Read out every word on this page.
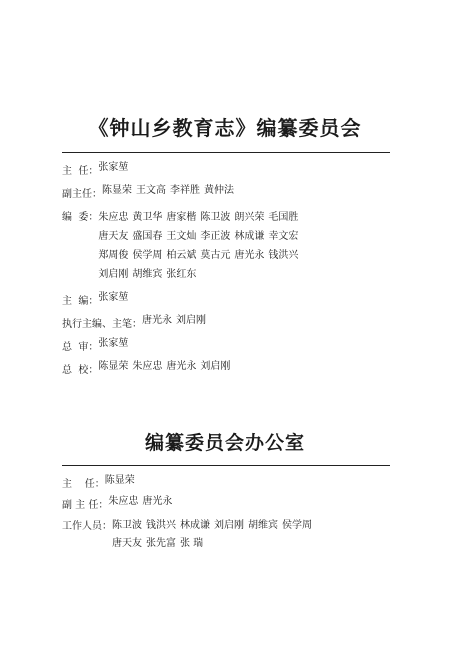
《钟山乡教育志》编纂委员会
主  任： 张家堃
副主任： 陈显荣 王文高 李祥胜 黄仲法
编  委： 朱应忠 黄卫华 唐家楷 陈卫波 朗兴荣 毛国胜
唐天友 盛国春 王文灿 李正波 林成谦 幸文宏
郑周俊 侯学周 柏云斌 莫古元 唐光永 钱洪兴
刘启刚 胡维宾 张红东
主  编： 张家堃
执行主编、主笔： 唐光永 刘启刚
总  审： 张家堃
总  校： 陈显荣 朱应忠 唐光永 刘启刚
编纂委员会办公室
主    任： 陈显荣
副 主 任： 朱应忠 唐光永
工作人员： 陈卫波 钱洪兴 林成谦 刘启刚 胡维宾 侯学周
唐天友 张先富 张 瑞
